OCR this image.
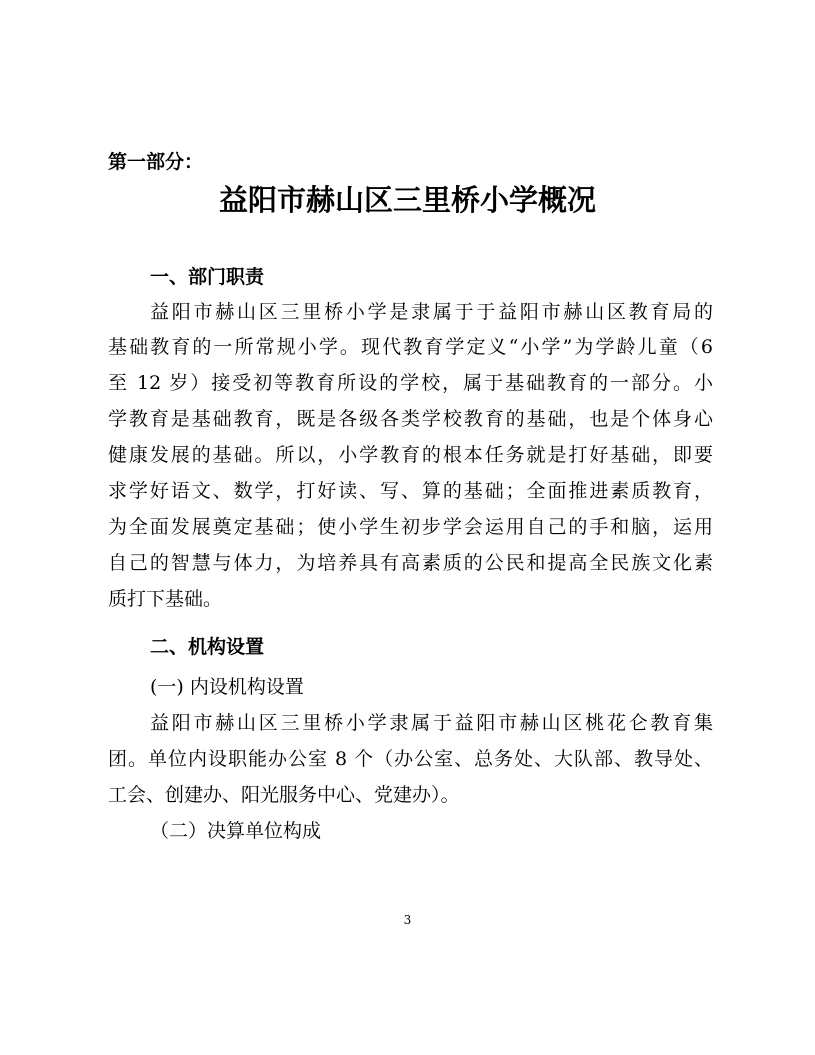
第一部分：
益阳市赫山区三里桥小学概况
一、部门职责
益阳市赫山区三里桥小学是隶属于于益阳市赫山区教育局的
基础教育的一所常规小学。现代教育学定义“小学”为学龄儿童（6
至 12 岁）接受初等教育所设的学校，属于基础教育的一部分。小
学教育是基础教育，既是各级各类学校教育的基础，也是个体身心
健康发展的基础。所以，小学教育的根本任务就是打好基础，即要
求学好语文、数学，打好读、写、算的基础；全面推进素质教育，
为全面发展奠定基础；使小学生初步学会运用自己的手和脑，运用
自己的智慧与体力，为培养具有高素质的公民和提高全民族文化素
质打下基础。
二、机构设置
(一) 内设机构设置
益阳市赫山区三里桥小学隶属于益阳市赫山区桃花仑教育集
团。单位内设职能办公室 8 个（办公室、总务处、大队部、教导处、
工会、创建办、阳光服务中心、党建办）。
（二）决算单位构成
3
